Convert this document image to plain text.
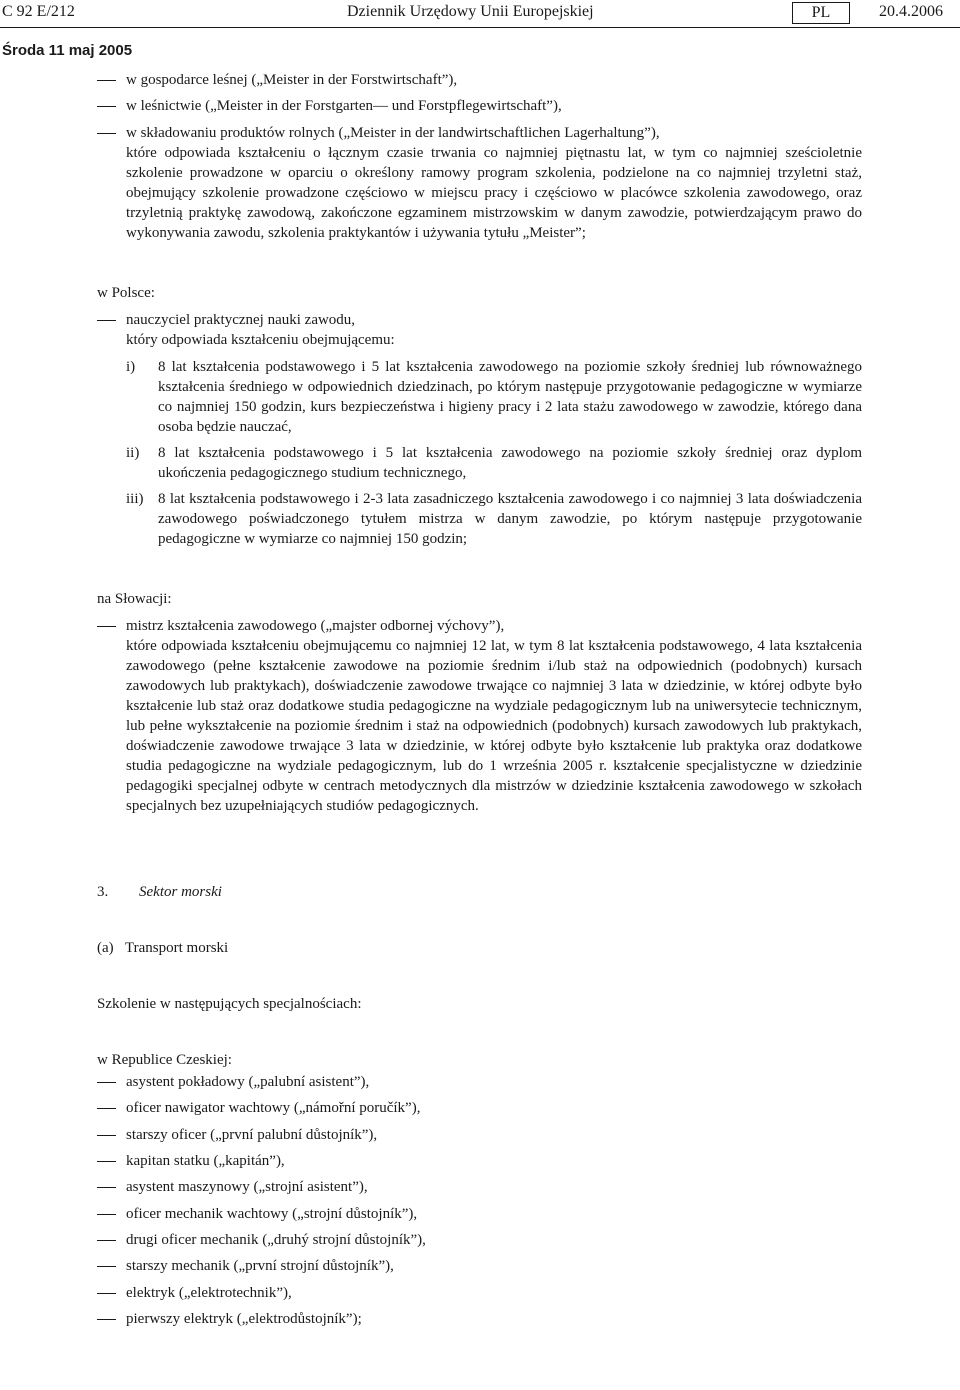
C 92 E/212	Dziennik Urzędowy Unii Europejskiej	PL	20.4.2006
Środa 11 maj 2005
w gospodarce leśnej („Meister in der Forstwirtschaft”),
w leśnictwie („Meister in der Forstgarten— und Forstpflegewirtschaft”),
w składowaniu produktów rolnych („Meister in der landwirtschaftlichen Lagerhaltung”),
które odpowiada kształceniu o łącznym czasie trwania co najmniej piętnastu lat, w tym co najmniej sześcioletnie szkolenie prowadzone w oparciu o określony ramowy program szkolenia, podzielone na co najmniej trzyletni staż, obejmujący szkolenie prowadzone częściowo w miejscu pracy i częściowo w placówce szkolenia zawodowego, oraz trzyletnią praktykę zawodową, zakończone egzaminem mistrzowskim w danym zawodzie, potwierdzającym prawo do wykonywania zawodu, szkolenia praktykantów i używania tytułu „Meister”;
w Polsce:
nauczyciel praktycznej nauki zawodu,
który odpowiada kształceniu obejmującemu:
i) 8 lat kształcenia podstawowego i 5 lat kształcenia zawodowego na poziomie szkoły średniej lub równoważnego kształcenia średniego w odpowiednich dziedzinach, po którym następuje przygotowanie pedagogiczne w wymiarze co najmniej 150 godzin, kurs bezpieczeństwa i higieny pracy i 2 lata stażu zawodowego w zawodzie, którego dana osoba będzie nauczać,
ii) 8 lat kształcenia podstawowego i 5 lat kształcenia zawodowego na poziomie szkoły średniej oraz dyplom ukończenia pedagogicznego studium technicznego,
iii) 8 lat kształcenia podstawowego i 2-3 lata zasadniczego kształcenia zawodowego i co najmniej 3 lata doświadczenia zawodowego poświadczonego tytułem mistrza w danym zawodzie, po którym następuje przygotowanie pedagogiczne w wymiarze co najmniej 150 godzin;
na Słowacji:
mistrz kształcenia zawodowego („majster odbornej výchovy”),
które odpowiada kształceniu obejmującemu co najmniej 12 lat, w tym 8 lat kształcenia podstawowego, 4 lata kształcenia zawodowego (pełne kształcenie zawodowe na poziomie średnim i/lub staż na odpowiednich (podobnych) kursach zawodowych lub praktykach), doświadczenie zawodowe trwające co najmniej 3 lata w dziedzinie, w której odbyte było kształcenie lub staż oraz dodatkowe studia pedagogiczne na wydziale pedagogicznym lub na uniwersytecie technicznym, lub pełne wykształcenie na poziomie średnim i staż na odpowiednich (podobnych) kursach zawodowych lub praktykach, doświadczenie zawodowe trwające 3 lata w dziedzinie, w której odbyte było kształcenie lub praktyka oraz dodatkowe studia pedagogiczne na wydziale pedagogicznym, lub do 1 września 2005 r. kształcenie specjalistyczne w dziedzinie pedagogiki specjalnej odbyte w centrach metodycznych dla mistrzów w dziedzinie kształcenia zawodowego w szkołach specjalnych bez uzupełniających studiów pedagogicznych.
3. Sektor morski
(a) Transport morski
Szkolenie w następujących specjalnościach:
w Republice Czeskiej:
asystent pokładowy („palubní asistent”),
oficer nawigator wachtowy („námořní poručík”),
starszy oficer („první palubní důstojník”),
kapitan statku („kapitán”),
asystent maszynowy („strojní asistent”),
oficer mechanik wachtowy („strojní důstojník”),
drugi oficer mechanik („druhý strojní důstojník”),
starszy mechanik („první strojní důstojník”),
elektryk („elektrotechnik”),
pierwszy elektryk („elektrodůstojník”);
